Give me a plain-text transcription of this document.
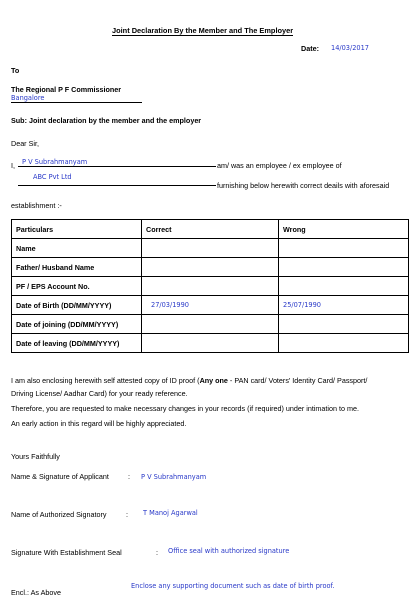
Joint Declaration By the Member and The Employer
Date: 14/03/2017
To
The Regional P F Commissioner
Bangalore
Sub: Joint declaration by the member and the employer
Dear Sir,
I,	P V Subrahmanyam	am/ was an employee / ex employee of
ABC Pvt Ltd
furnishing below herewith correct deails with aforesaid
establishment :-
Particulars	Correct	Wrong
Name		
Father/ Husband Name		
PF / EPS Account No.		
Date of Birth (DD/MM/YYYY)	27/03/1990	25/07/1990
Date of joining (DD/MM/YYYY)		
Date of leaving (DD/MM/YYYY)		
I am also enclosing herewith self attested copy of ID proof (Any one - PAN card/ Voters' Identity Card/ Passport/
Driving License/ Aadhar Card) for your ready reference.
Therefore, you are requested to make necessary changes in your records (if required) under intimation to me.
An early action in this regard will be highly appreciated.
Yours Faithfully
Name & Signature of Applicant	: P V Subrahmanyam
Name of Authorized Signatory	: T Manoj Agarwal
Signature With Establishment Seal	: Office seal with authorized signature
Encl.: As Above
Enclose any supporting document such as date of birth proof.
